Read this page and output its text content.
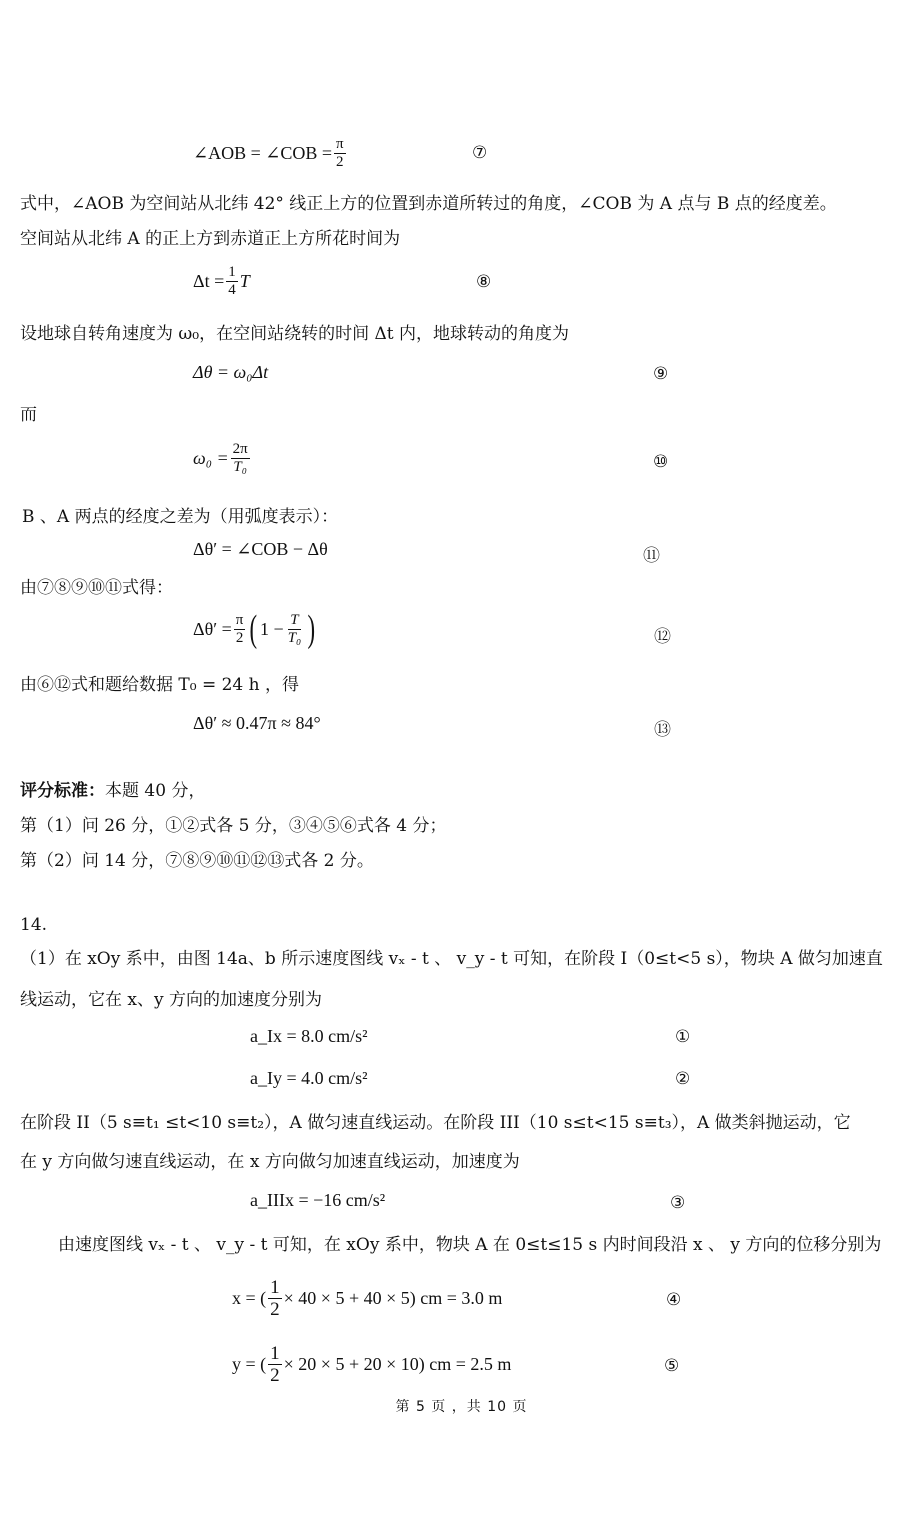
∠AOB = ∠COB = $\frac{\pi}{2}$	⑦
式中，∠AOB 为空间站从北纬 42° 线正上方的位置到赤道所转过的角度，∠COB 为 A 点与 B 点的经度差。
空间站从北纬 A 的正上方到赤道正上方所花时间为
$\Delta t = \frac{1}{4}$ T	⑧
设地球自转角速度为 ω₀，在空间站绕转的时间 Δt 内，地球转动的角度为
Δθ = ω₀Δt	⑨
而
$\omega_0 = \frac{2\pi}{\text{T₀}}$	⑩
B 、A 两点的经度之差为（用弧度表示）：
Δθ′ = ∠COB − Δθ	⑪
由⑦⑧⑨⑩⑪式得：
$\Delta\theta' = \frac{\pi}{2}$ ( $1 - \frac{T}{\text{T₀}}$ )	⑫
由⑥⑫式和题给数据 T₀ = 24 h ，得
Δθ′ ≈ 0.47π ≈ 84°	⑬
评分标准：本题 40 分，
第（1）问 26 分，①②式各 5 分，③④⑤⑥式各 4 分；
第（2）问 14 分，⑦⑧⑨⑩⑪⑫⑬式各 2 分。
14.
（1）在 xOy 系中，由图 14a、b 所示速度图线 vₓ - t 、 v_y - t 可知，在阶段 I（0≤t<5 s），物块 A 做匀加速直
线运动，它在 x、y 方向的加速度分别为
a_Ix = 8.0 cm/s²	①
a_Iy = 4.0 cm/s²	②
在阶段 II（5 s≡t₁ ≤t<10 s≡t₂），A 做匀速直线运动。在阶段 III（10 s≤t<15 s≡t₃），A 做类斜抛运动，它
在 y 方向做匀速直线运动，在 x 方向做匀加速直线运动，加速度为
a_IIIx = −16 cm/s²	③
由速度图线 vₓ - t 、 v_y - t 可知，在 xOy 系中，物块 A 在 0≤t≤15 s 内时间段沿 x 、 y 方向的位移分别为
x = ( $\frac{1}{2} \times 40 \times 5 + 40 \times 5$) cm = 3.0 m	④
y = ( $\frac{1}{2} \times 20 \times 5 + 20 \times 10$) cm = 2.5 m	⑤
第 5 页 ，共 10 页
